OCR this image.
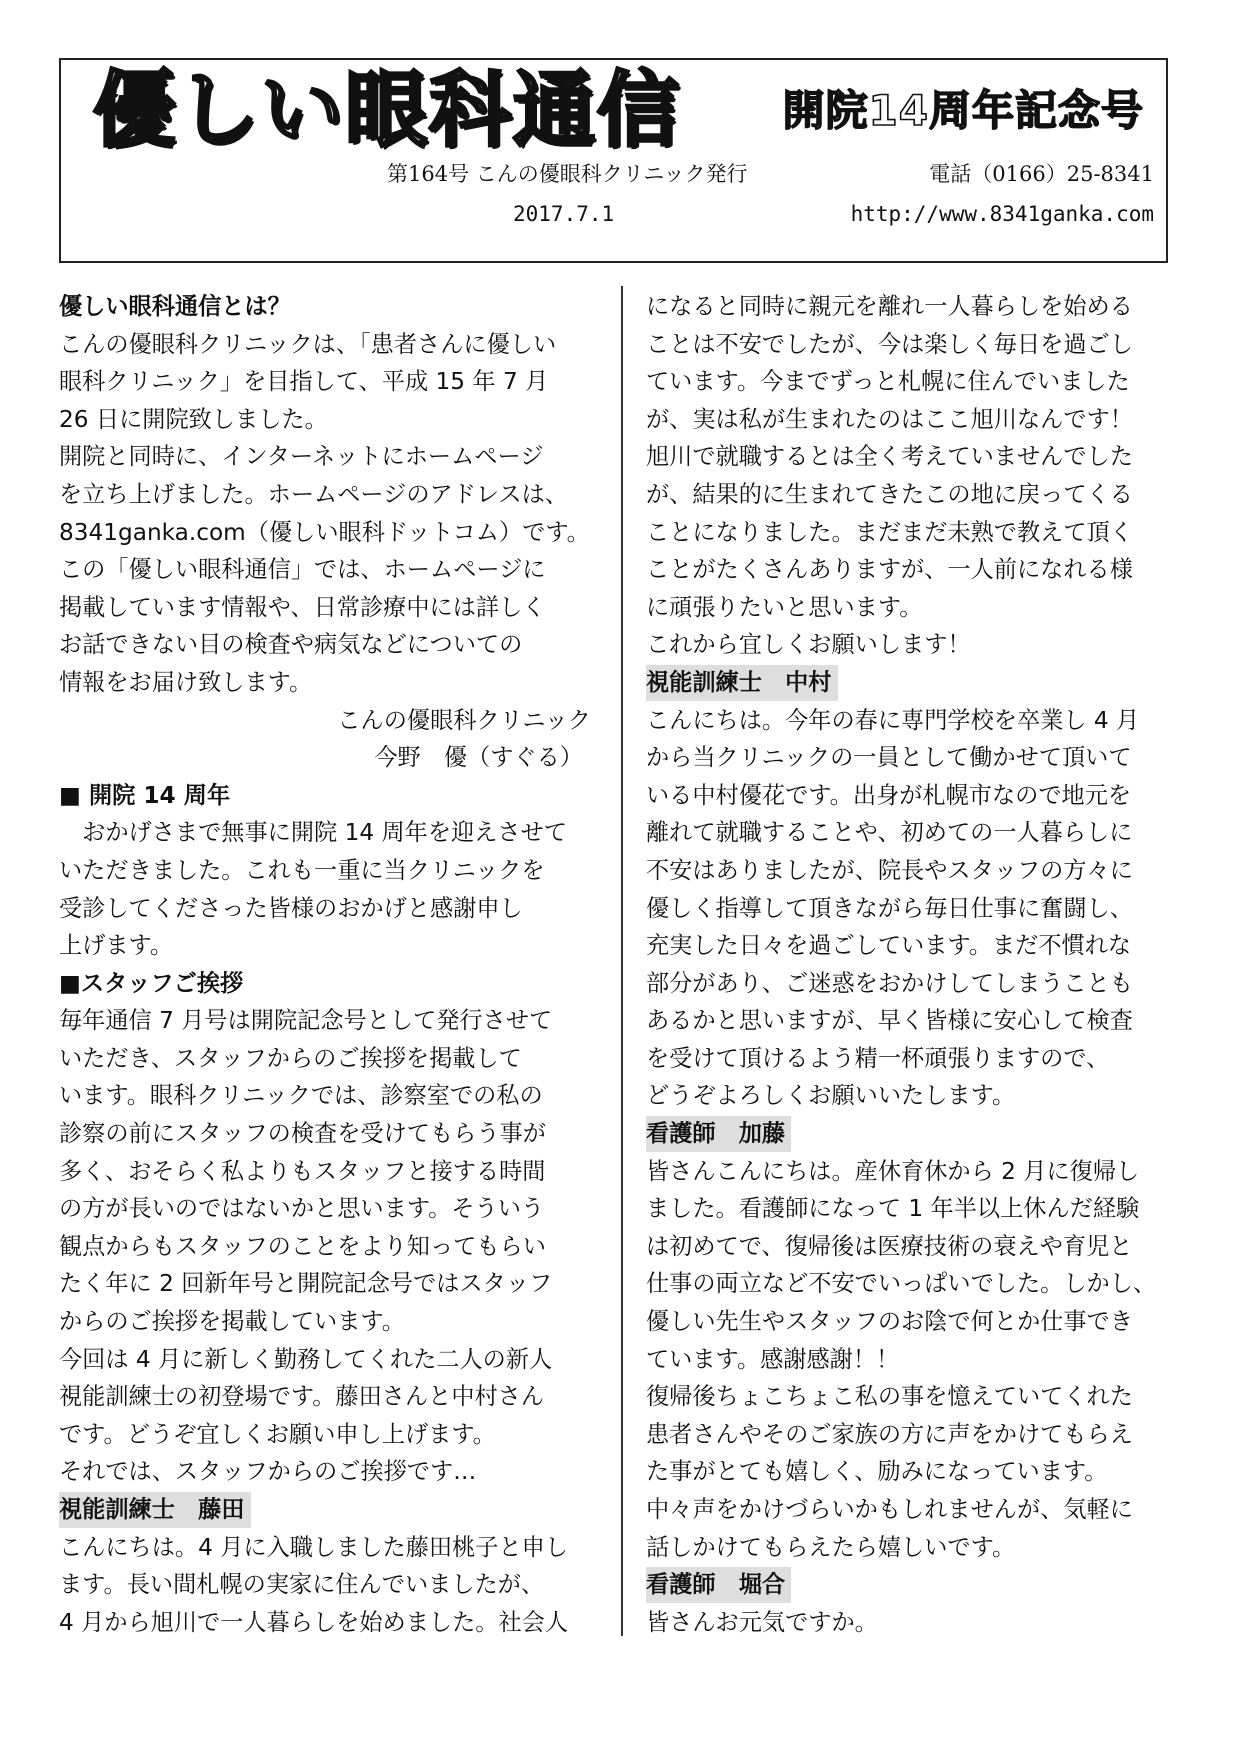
優しい眼科通信 開院14周年記念号
第164号 こんの優眼科クリニック発行	電話（0166）25-8341
2017.7.1	http://www.8341ganka.com
優しい眼科通信とは？
こんの優眼科クリニックは、「患者さんに優しい
眼科クリニック」を目指して、平成 15 年 7 月
26 日に開院致しました。
開院と同時に、インターネットにホームページ
を立ち上げました。ホームページのアドレスは、
8341ganka.com（優しい眼科ドットコム）です。
この「優しい眼科通信」では、ホームページに
掲載しています情報や、日常診療中には詳しく
お話できない目の検査や病気などについての
情報をお届け致します。
こんの優眼科クリニック
今野　優（すぐる）
■ 開院 14 周年
　おかげさまで無事に開院 14 周年を迎えさせて
いただきました。これも一重に当クリニックを
受診してくださった皆様のおかげと感謝申し
上げます。
■スタッフご挨拶
毎年通信 7 月号は開院記念号として発行させて
いただき、スタッフからのご挨拶を掲載して
います。眼科クリニックでは、診察室での私の
診察の前にスタッフの検査を受けてもらう事が
多く、おそらく私よりもスタッフと接する時間
の方が長いのではないかと思います。そういう
観点からもスタッフのことをより知ってもらい
たく年に 2 回新年号と開院記念号ではスタッフ
からのご挨拶を掲載しています。
今回は 4 月に新しく勤務してくれた二人の新人
視能訓練士の初登場です。藤田さんと中村さん
です。どうぞ宜しくお願い申し上げます。
それでは、スタッフからのご挨拶です…
視能訓練士　藤田
こんにちは。4 月に入職しました藤田桃子と申し
ます。長い間札幌の実家に住んでいましたが、
4 月から旭川で一人暮らしを始めました。社会人
になると同時に親元を離れ一人暮らしを始める
ことは不安でしたが、今は楽しく毎日を過ごし
ています。今までずっと札幌に住んでいました
が、実は私が生まれたのはここ旭川なんです！
旭川で就職するとは全く考えていませんでした
が、結果的に生まれてきたこの地に戻ってくる
ことになりました。まだまだ未熟で教えて頂く
ことがたくさんありますが、一人前になれる様
に頑張りたいと思います。
これから宜しくお願いします！
視能訓練士　中村
こんにちは。今年の春に専門学校を卒業し 4 月
から当クリニックの一員として働かせて頂いて
いる中村優花です。出身が札幌市なので地元を
離れて就職することや、初めての一人暮らしに
不安はありましたが、院長やスタッフの方々に
優しく指導して頂きながら毎日仕事に奮闘し、
充実した日々を過ごしています。まだ不慣れな
部分があり、ご迷惑をおかけしてしまうことも
あるかと思いますが、早く皆様に安心して検査
を受けて頂けるよう精一杯頑張りますので、
どうぞよろしくお願いいたします。
看護師　加藤
皆さんこんにちは。産休育休から 2 月に復帰し
ました。看護師になって 1 年半以上休んだ経験
は初めてで、復帰後は医療技術の衰えや育児と
仕事の両立など不安でいっぱいでした。しかし、
優しい先生やスタッフのお陰で何とか仕事でき
ています。感謝感謝！！
復帰後ちょこちょこ私の事を憶えていてくれた
患者さんやそのご家族の方に声をかけてもらえ
た事がとても嬉しく、励みになっています。
中々声をかけづらいかもしれませんが、気軽に
話しかけてもらえたら嬉しいです。
看護師　堀合
皆さんお元気ですか。
